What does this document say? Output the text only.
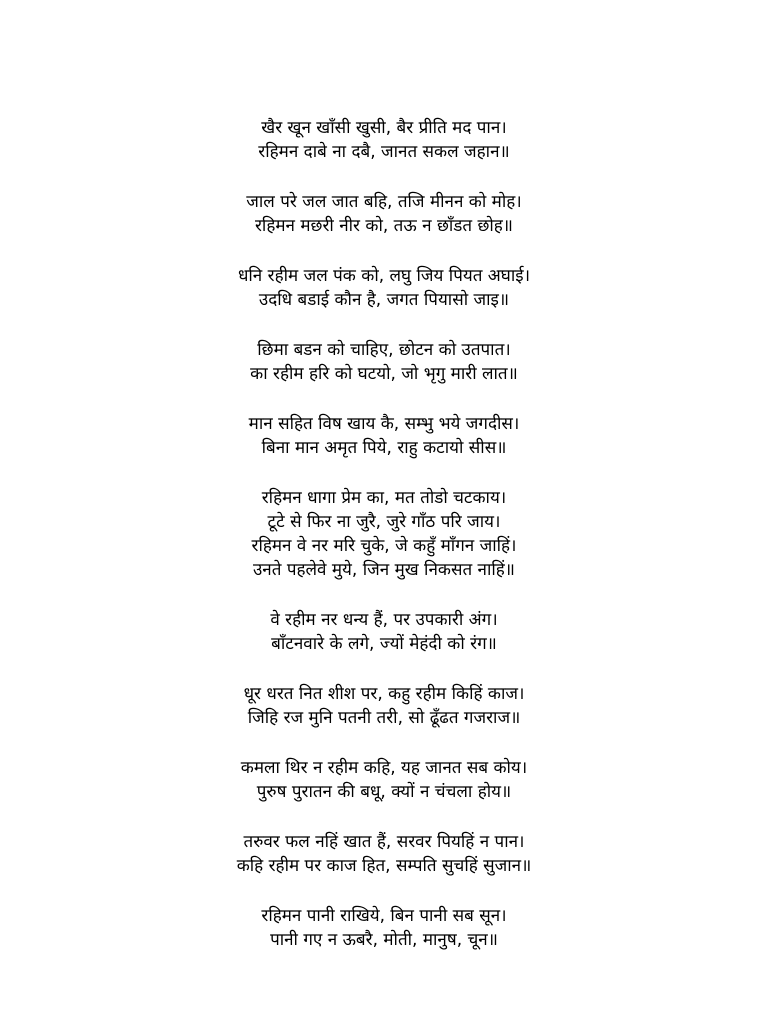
खैर खून खाँसी खुसी, बैर प्रीति मद पान।
रहिमन दाबे ना दबै, जानत सकल जहान॥
जाल परे जल जात बहि, तजि मीनन को मोह।
रहिमन मछरी नीर को, तऊ न छाँडत छोह॥
धनि रहीम जल पंक को, लघु जिय पियत अघाई।
उदधि बडाई कौन है, जगत पियासो जाइ॥
छिमा बडन को चाहिए, छोटन को उतपात।
का रहीम हरि को घटयो, जो भृगु मारी लात॥
मान सहित विष खाय कै, सम्भु भये जगदीस।
बिना मान अमृत पिये, राहु कटायो सीस॥
रहिमन धागा प्रेम का, मत तोडो चटकाय।
टूटे से फिर ना जुरै, जुरे गाँठ परि जाय।
रहिमन वे नर मरि चुके, जे कहुँ माँगन जाहिं।
उनते पहलेवे मुये, जिन मुख निकसत नाहिं॥
वे रहीम नर धन्य हैं, पर उपकारी अंग।
बाँटनवारे के लगे, ज्यों मेहंदी को रंग॥
धूर धरत नित शीश पर, कहु रहीम किहिं काज।
जिहि रज मुनि पतनी तरी, सो ढूँढत गजराज॥
कमला थिर न रहीम कहि, यह जानत सब कोय।
पुरुष पुरातन की बधू, क्यों न चंचला होय॥
तरुवर फल नहिं खात हैं, सरवर पियहिं न पान।
कहि रहीम पर काज हित, सम्पति सुचहिं सुजान॥
रहिमन पानी राखिये, बिन पानी सब सून।
पानी गए न ऊबरै, मोती, मानुष, चून॥
